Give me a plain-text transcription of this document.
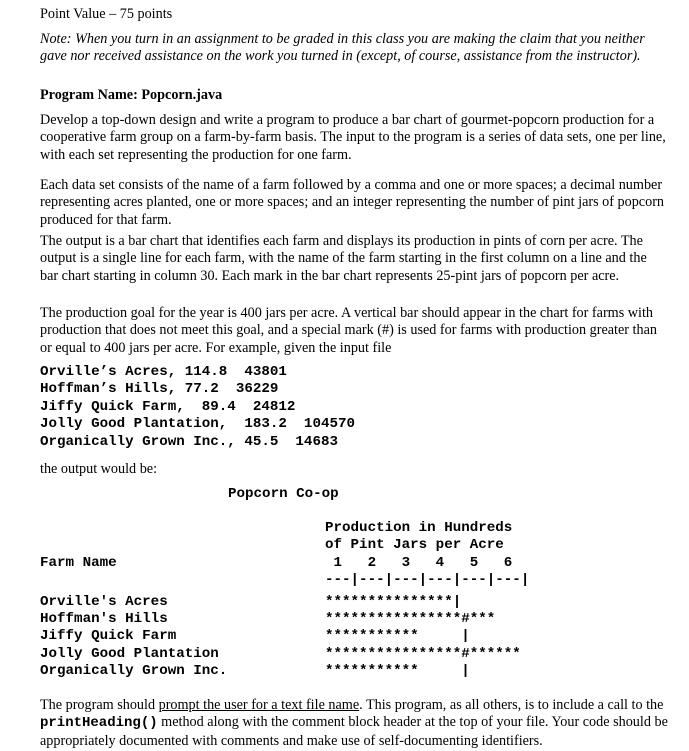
Point Value – 75 points

Note: When you turn in an assignment to be graded in this class you are making the claim that you neither gave nor received assistance on the work you turned in (except, of course, assistance from the instructor).

Program Name: Popcorn.java

Develop a top-down design and write a program to produce a bar chart of gourmet-popcorn production for a cooperative farm group on a farm-by-farm basis. The input to the program is a series of data sets, one per line, with each set representing the production for one farm.

Each data set consists of the name of a farm followed by a comma and one or more spaces; a decimal number representing acres planted, one or more spaces; and an integer representing the number of pint jars of popcorn produced for that farm.

The output is a bar chart that identifies each farm and displays its production in pints of corn per acre. The output is a single line for each farm, with the name of the farm starting in the first column on a line and the bar chart starting in column 30. Each mark in the bar chart represents 25-pint jars of popcorn per acre.

The production goal for the year is 400 jars per acre. A vertical bar should appear in the chart for farms with production that does not meet this goal, and a special mark (#) is used for farms with production greater than or equal to 400 jars per acre. For example, given the input file

Orville’s Acres, 114.8  43801
Hoffman’s Hills, 77.2  36229
Jiffy Quick Farm,  89.4  24812
Jolly Good Plantation,  183.2  104570
Organically Grown Inc., 45.5  14683

the output would be:

Popcorn Co-op
Production in Hundreds
of Pint Jars per Acre
Farm Name	1   2   3   4   5   6
---|---|---|---|---|---|
Orville's Acres	***************|
Hoffman's Hills	****************#***
Jiffy Quick Farm	***********     |
Jolly Good Plantation	****************#******
Organically Grown Inc.	***********     |

The program should prompt the user for a text file name. This program, as all others, is to include a call to the printHeading() method along with the comment block header at the top of your file. Your code should be appropriately documented with comments and make use of self-documenting identifiers.
